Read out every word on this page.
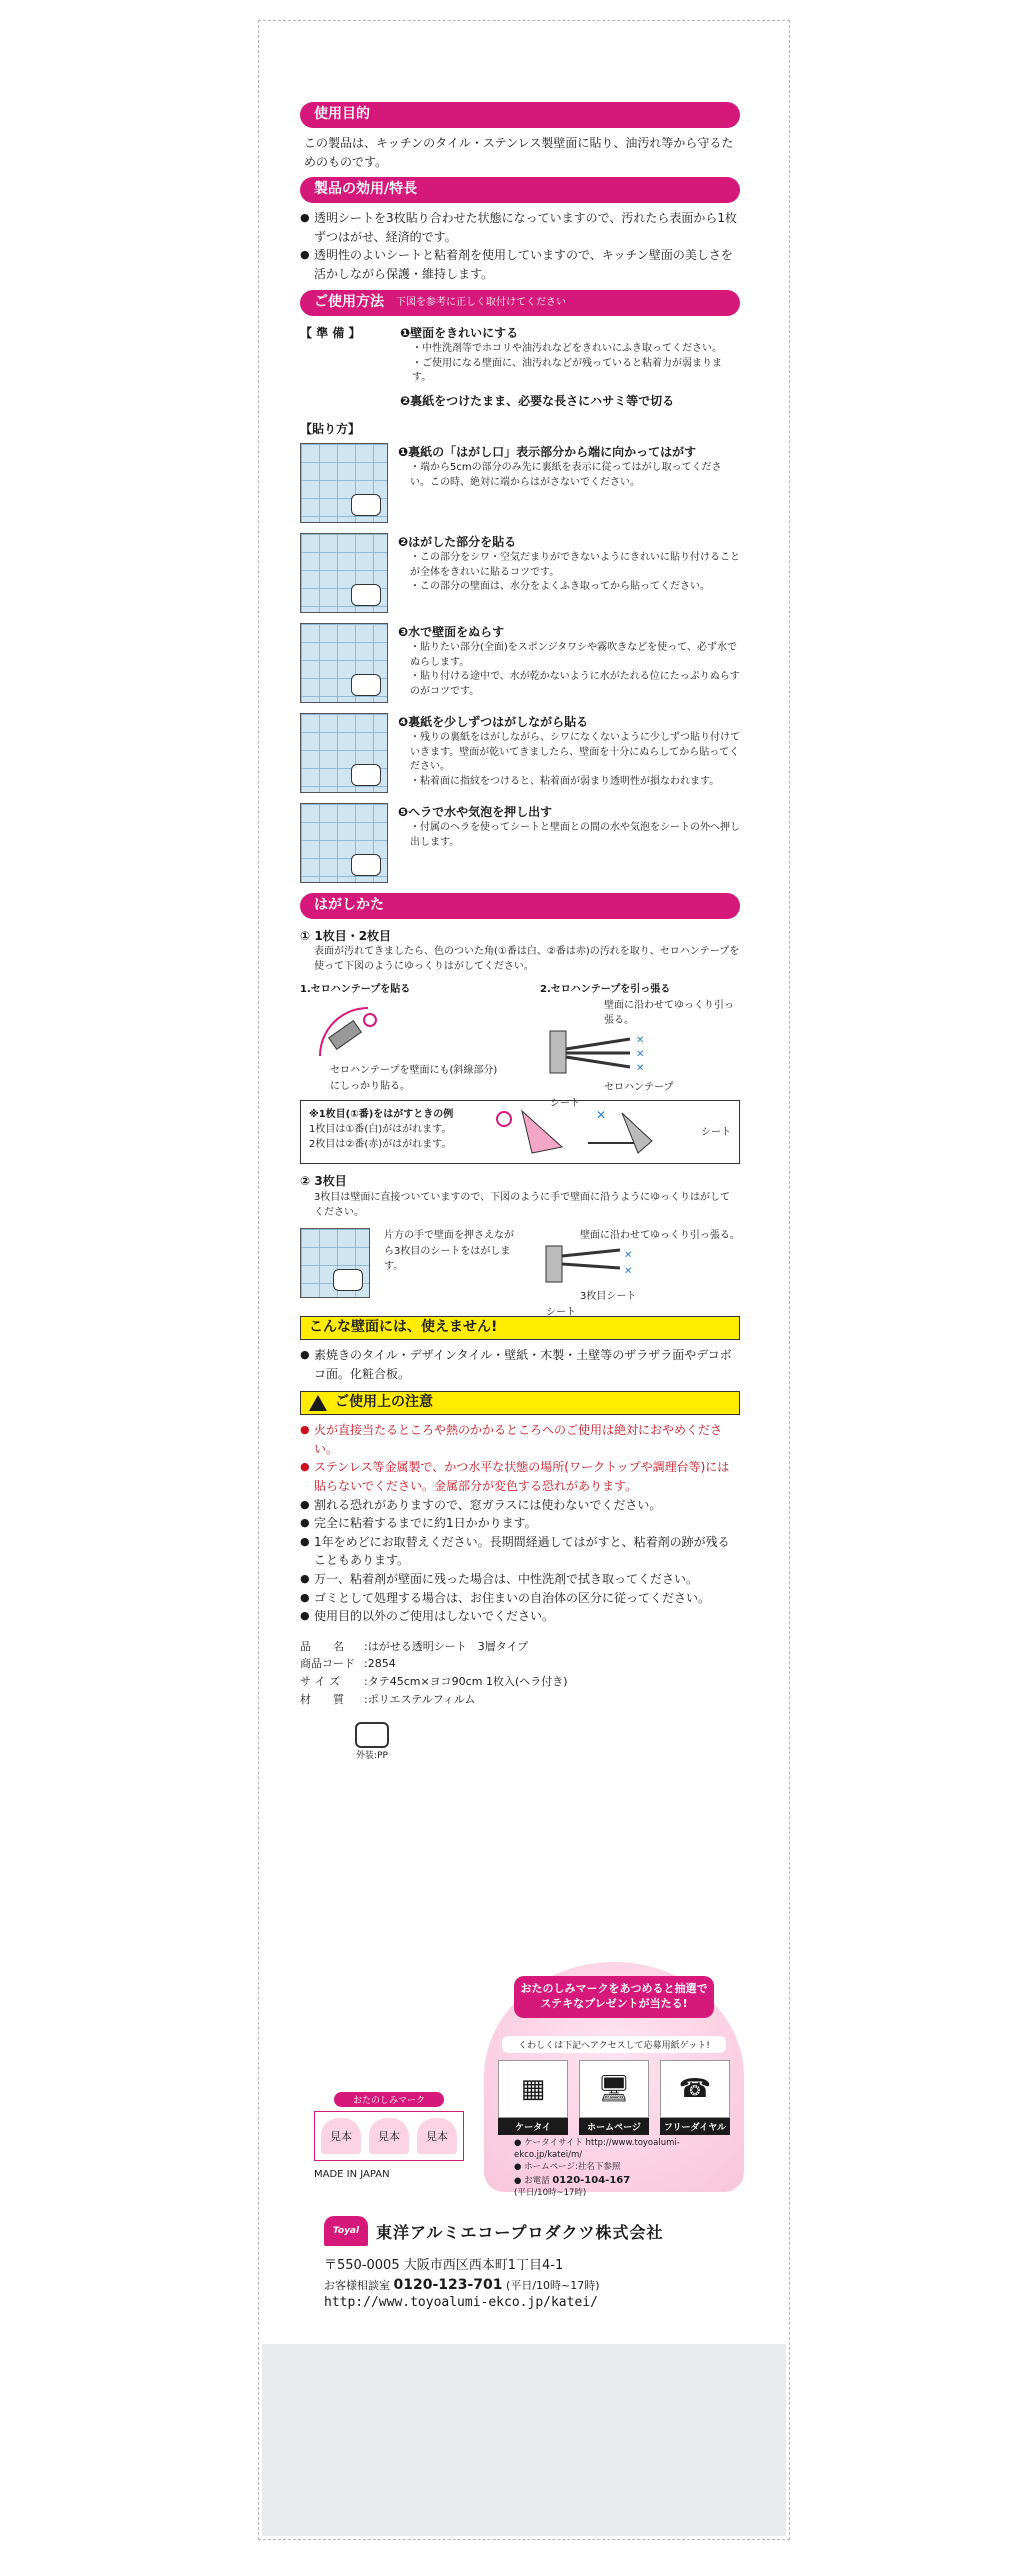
使用目的
この製品は、キッチンのタイル・ステンレス製壁面に貼り、油汚れ等から守るためのものです。
製品の効用/特長
● 透明シートを3枚貼り合わせた状態になっていますので、汚れたら表面から1枚ずつはがせ、経済的です。
● 透明性のよいシートと粘着剤を使用していますので、キッチン壁面の美しさを活かしながら保護・維持します。
ご使用方法 下図を参考に正しく取付けてください
【 準 備 】	❶壁面をきれいにする
・中性洗剤等でホコリや油汚れなどをきれいにふき取ってください。
・ご使用になる壁面に、油汚れなどが残っていると粘着力が弱まります。
❷裏紙をつけたまま、必要な長さにハサミ等で切る
【貼り方】
❶裏紙の「はがし口」表示部分から端に向かってはがす
・端から5cmの部分のみ先に裏紙を表示に従ってはがし取ってください。この時、絶対に端からはがさないでください。
❷はがした部分を貼る
・この部分をシワ・空気だまりができないようにきれいに貼り付けることが全体をきれいに貼るコツです。
・この部分の壁面は、水分をよくふき取ってから貼ってください。
❸水で壁面をぬらす
・貼りたい部分(全面)をスポンジタワシや霧吹きなどを使って、必ず水でぬらします。
・貼り付ける途中で、水が乾かないように水がたれる位にたっぷりぬらすのがコツです。
❹裏紙を少しずつはがしながら貼る
・残りの裏紙をはがしながら、シワになくないように少しずつ貼り付けていきます。壁面が乾いてきましたら、壁面を十分にぬらしてから貼ってください。
・粘着面に指紋をつけると、粘着面が弱まり透明性が損なわれます。
❺ヘラで水や気泡を押し出す
・付属のヘラを使ってシートと壁面との間の水や気泡をシートの外へ押し出します。
はがしかた
① 1枚目・2枚目
表面が汚れてきましたら、色のついた角(①番は白、②番は赤)の汚れを取り、セロハンテープを使って下図のようにゆっくりはがしてください。
1.セロハンテープを貼る
セロハンテープを壁面にも(斜線部分)にしっかり貼る。
2.セロハンテープを引っ張る
壁面に沿わせてゆっくり引っ張る。
✕
✕
✕
セロハンテープ
シート
※1枚目(①番)をはがすときの例
1枚目は①番(白)がはがれます。
2枚目は②番(赤)がはがれます。
✕
シート
② 3枚目
3枚目は壁面に直接ついていますので、下図のように手で壁面に沿うようにゆっくりはがしてください。
片方の手で壁面を押さえながら3枚目のシートをはがします。
壁面に沿わせてゆっくり引っ張る。
✕
✕
3枚目シート
シート
こんな壁面には、使えません!
● 素焼きのタイル・デザインタイル・壁紙・木製・土壁等のザラザラ面やデコボコ面。化粧合板。
ご使用上の注意
● 火が直接当たるところや熱のかかるところへのご使用は絶対におやめください。
● ステンレス等金属製で、かつ水平な状態の場所(ワークトップや調理台等)には貼らないでください。金属部分が変色する恐れがあります。
● 割れる恐れがありますので、窓ガラスには使わないでください。
● 完全に粘着するまでに約1日かかります。
● 1年をめどにお取替えください。長期間経過してはがすと、粘着剤の跡が残ることもあります。
● 万一、粘着剤が壁面に残った場合は、中性洗剤で拭き取ってください。
● ゴミとして処理する場合は、お住まいの自治体の区分に従ってください。
● 使用目的以外のご使用はしないでください。
品　　名	:はがせる透明シート　3層タイプ
商品コード :2854
サ イ ズ	:タテ45cm×ヨコ90cm 1枚入(ヘラ付き)
材　　質	:ポリエステルフィルム
外装:PP
おたのしみマークをあつめると抽選でステキなプレゼントが当たる!
くわしくは下記へアクセスして応募用紙ゲット!
▦
ケータイ
🖥
ホームページ
☎
フリーダイヤル
● ケータイサイト http://www.toyoalumi-ekco.jp/katei/m/
● ホームページ:社名下参照
● お電話 0120-104-167
(平日/10時~17時)
おたのしみマーク
見本	見本	見本
MADE IN JAPAN
Toyal	東洋アルミエコープロダクツ株式会社
〒550-0005 大阪市西区西本町1丁目4-1
お客様相談室 0120-123-701 (平日/10時~17時)
http://www.toyoalumi-ekco.jp/katei/
